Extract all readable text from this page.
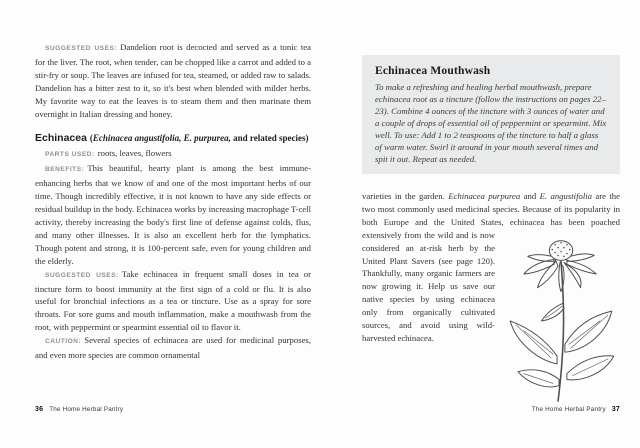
SUGGESTED USES: Dandelion root is decocted and served as a tonic tea for the liver. The root, when tender, can be chopped like a carrot and added to a stir-fry or soup. The leaves are infused for tea, steamed, or added raw to salads. Dandelion has a bitter zest to it, so it's best when blended with milder herbs. My favorite way to eat the leaves is to steam them and then marinate them overnight in Italian dressing and honey.

Echinacea (Echinacea angustifolia, E. purpurea, and related species)

PARTS USED: roots, leaves, flowers

BENEFITS: This beautiful, hearty plant is among the best immune-enhancing herbs that we know of and one of the most important herbs of our time. Though incredibly effective, it is not known to have any side effects or residual buildup in the body. Echinacea works by increasing macrophage T-cell activity, thereby increasing the body's first line of defense against colds, flus, and many other illnesses. It is also an excellent herb for the lymphatics. Though potent and strong, it is 100-percent safe, even for young children and the elderly.

SUGGESTED USES: Take echinacea in frequent small doses in tea or tincture form to boost immunity at the first sign of a cold or flu. It is also useful for bronchial infections as a tea or tincture. Use as a spray for sore throats. For sore gums and mouth inflammation, make a mouthwash from the root, with peppermint or spearmint essential oil to flavor it.

CAUTION: Several species of echinacea are used for medicinal purposes, and even more species are common ornamental

Echinacea Mouthwash

To make a refreshing and healing herbal mouthwash, prepare echinacea root as a tincture (follow the instructions on pages 22–23). Combine 4 ounces of the tincture with 3 ounces of water and a couple of drops of essential oil of peppermint or spearmint. Mix well. To use: Add 1 to 2 teaspoons of the tincture to half a glass of warm water. Swirl it around in your mouth several times and spit it out. Repeat as needed.

varieties in the garden. Echinacea purpurea and E. angustifolia are the two most commonly used medicinal species. Because of its popularity in both Europe and the United States, echinacea has been poached extensively from
the wild and is now considered an at-risk herb by the United Plant Savers (see page 120). Thankfully, many organic farmers are now growing it. Help us save our native species by using echinacea only from organically cultivated sources, and avoid using wild-harvested echinacea.

36 The Home Herbal Pantry	The Home Herbal Pantry 37
